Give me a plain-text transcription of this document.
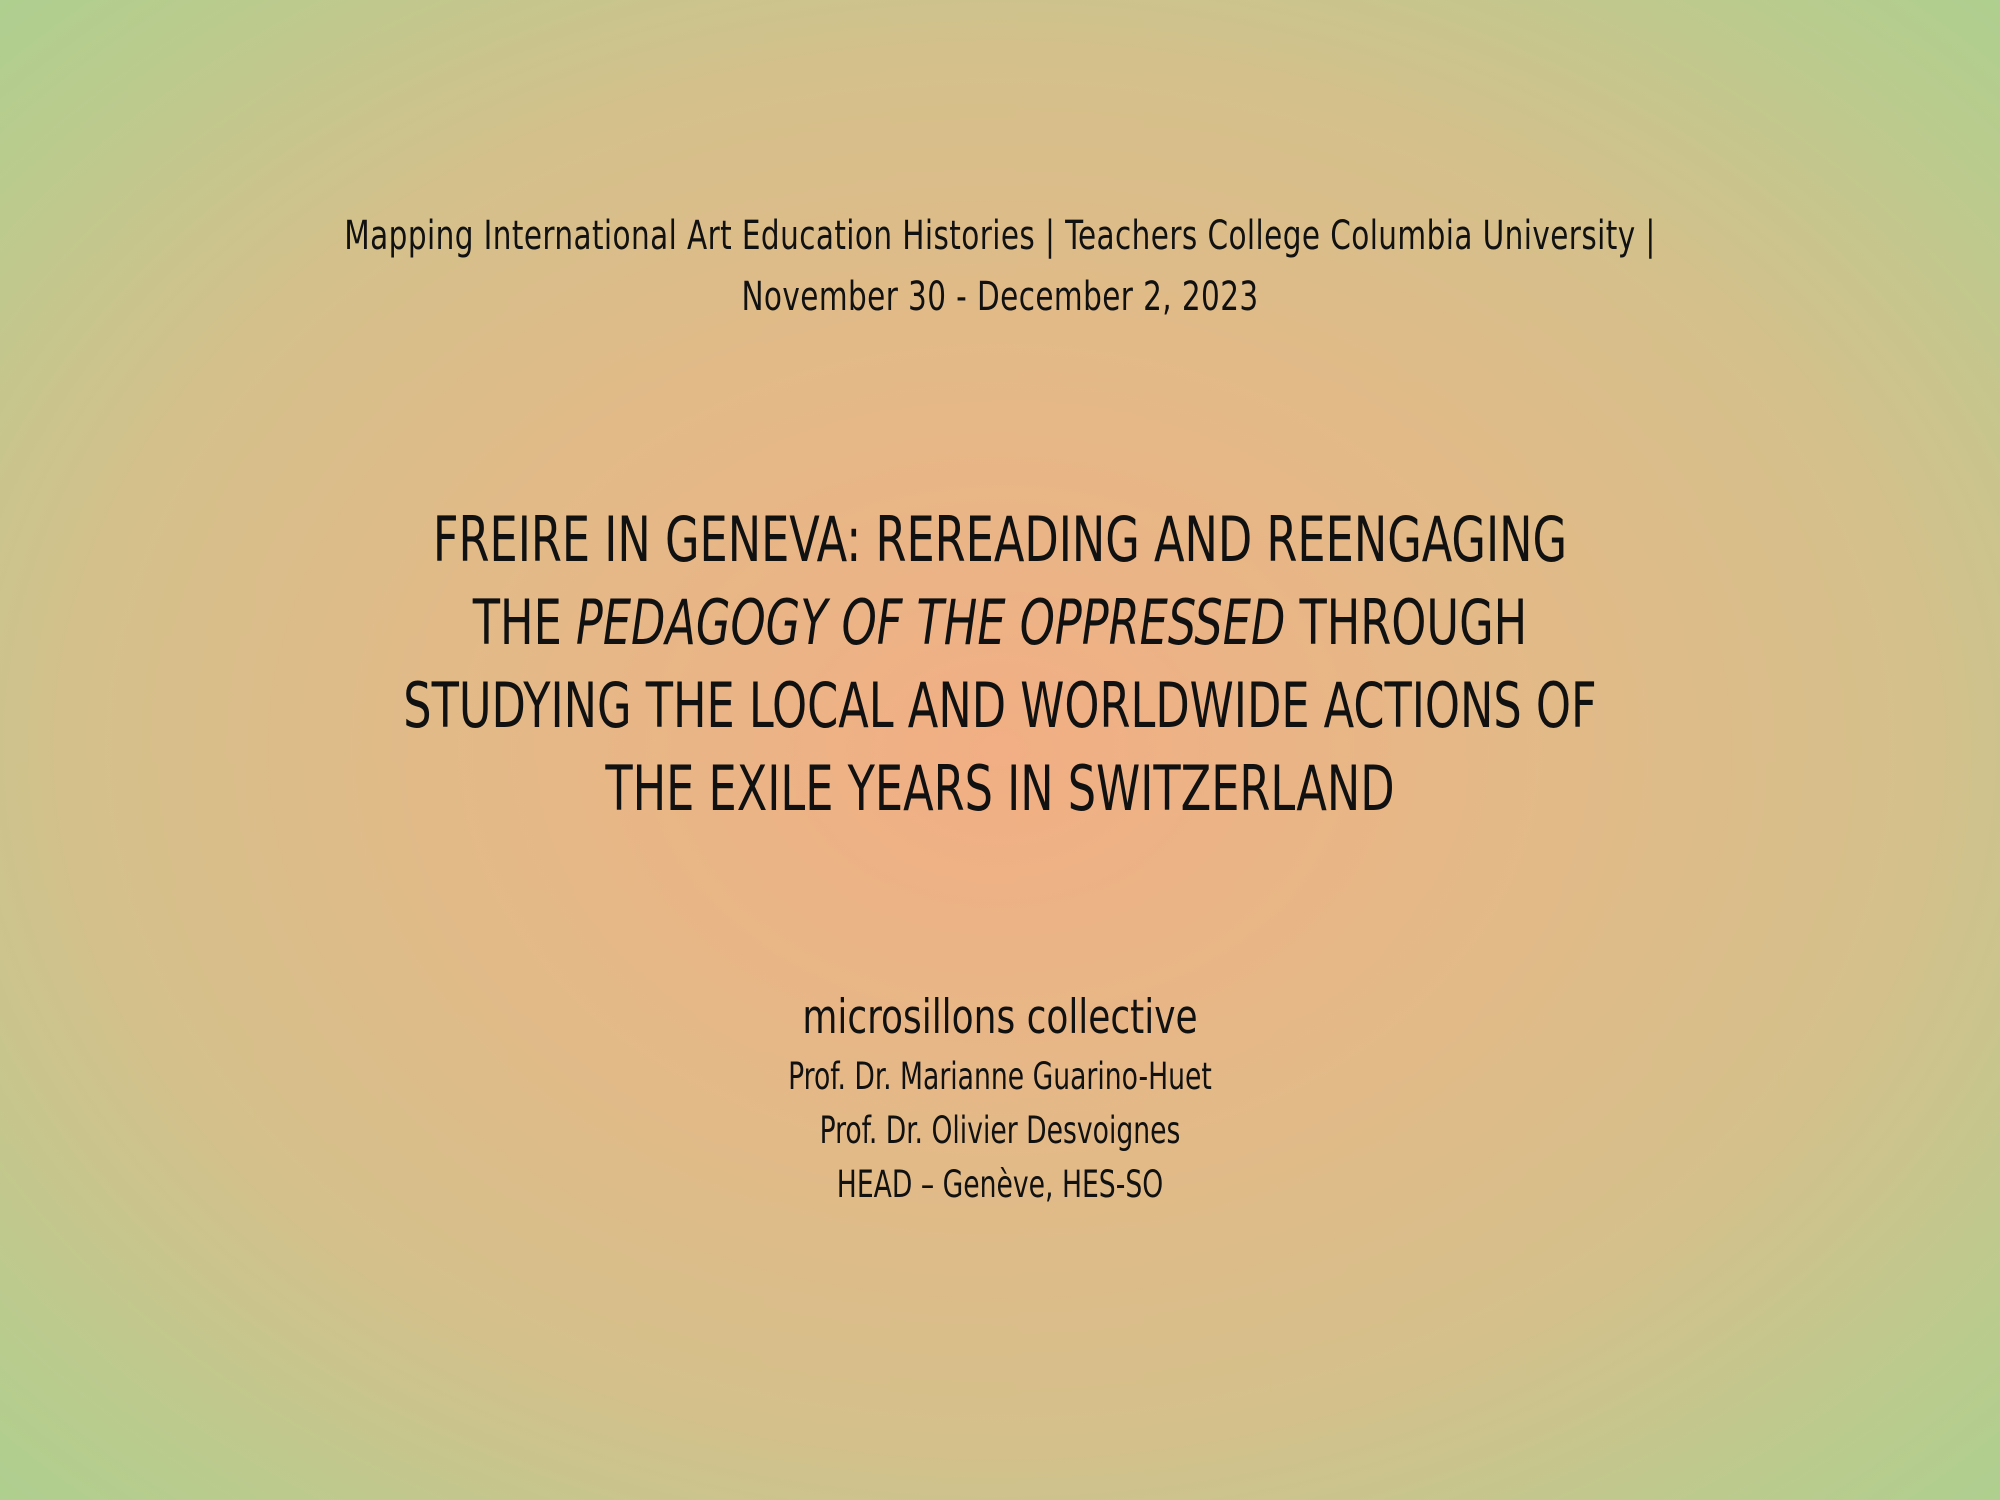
Mapping International Art Education Histories | Teachers College Columbia University |
November 30 - December 2, 2023
FREIRE IN GENEVA: REREADING AND REENGAGING THE PEDAGOGY OF THE OPPRESSED THROUGH STUDYING THE LOCAL AND WORLDWIDE ACTIONS OF THE EXILE YEARS IN SWITZERLAND
microsillons collective
Prof. Dr. Marianne Guarino-Huet
Prof. Dr. Olivier Desvoignes
HEAD – Genève, HES-SO
